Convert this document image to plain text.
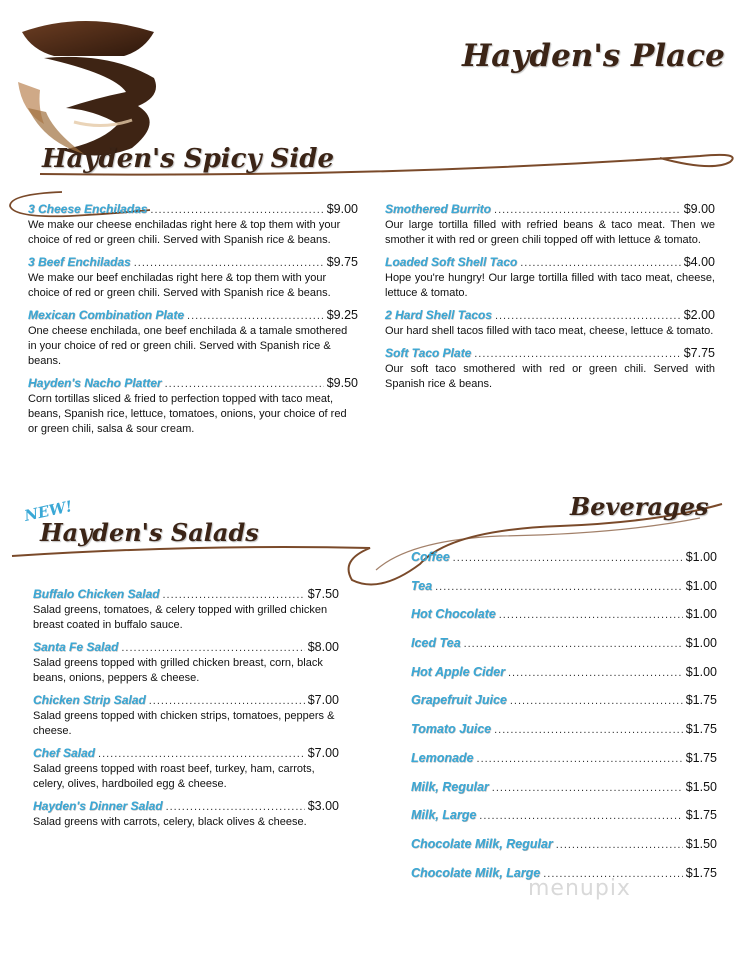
Hayden's Place
Hayden's Spicy Side
3 Cheese Enchiladas .....	$9.00
We make our cheese enchiladas right here & top them with your choice of red or green chili. Served with Spanish rice & beans.
3 Beef Enchiladas .....	$9.75
We make our beef enchiladas right here & top them with your choice of red or green chili. Served with Spanish rice & beans.
Mexican Combination Plate .....	$9.25
One cheese enchilada, one beef enchilada & a tamale smothered in your choice of red or green chili. Served with Spanish rice & beans.
Hayden's Nacho Platter .....	$9.50
Corn tortillas sliced & fried to perfection topped with taco meat, beans, Spanish rice, lettuce, tomatoes, onions, your choice of red or green chili, salsa & sour cream.
Smothered Burrito .....	$9.00
Our large tortilla filled with refried beans & taco meat. Then we smother it with red or green chili topped off with lettuce & tomato.
Loaded Soft Shell Taco .....	$4.00
Hope you're hungry! Our large tortilla filled with taco meat, cheese, lettuce & tomato.
2 Hard Shell Tacos .....	$2.00
Our hard shell tacos filled with taco meat, cheese, lettuce & tomato.
Soft Taco Plate .....	$7.75
Our soft taco smothered with red or green chili. Served with Spanish rice & beans.
NEW!
Hayden's Salads
Beverages
Buffalo Chicken Salad .....	$7.50
Salad greens, tomatoes, & celery topped with grilled chicken breast coated in buffalo sauce.
Santa Fe Salad .....	$8.00
Salad greens topped with grilled chicken breast, corn, black beans, onions, peppers & cheese.
Chicken Strip Salad .....	$7.00
Salad greens topped with chicken strips, tomatoes, peppers & cheese.
Chef Salad .....	$7.00
Salad greens topped with roast beef, turkey, ham, carrots, celery, olives, hardboiled egg & cheese.
Hayden's Dinner Salad .....	$3.00
Salad greens with carrots, celery, black olives & cheese.
Coffee .....	$1.00
Tea .....	$1.00
Hot Chocolate .....	$1.00
Iced Tea .....	$1.00
Hot Apple Cider .....	$1.00
Grapefruit Juice .....	$1.75
Tomato Juice .....	$1.75
Lemonade .....	$1.75
Milk, Regular .....	$1.50
Milk, Large .....	$1.75
Chocolate Milk, Regular .....	$1.50
Chocolate Milk, Large .....	$1.75
menupix
